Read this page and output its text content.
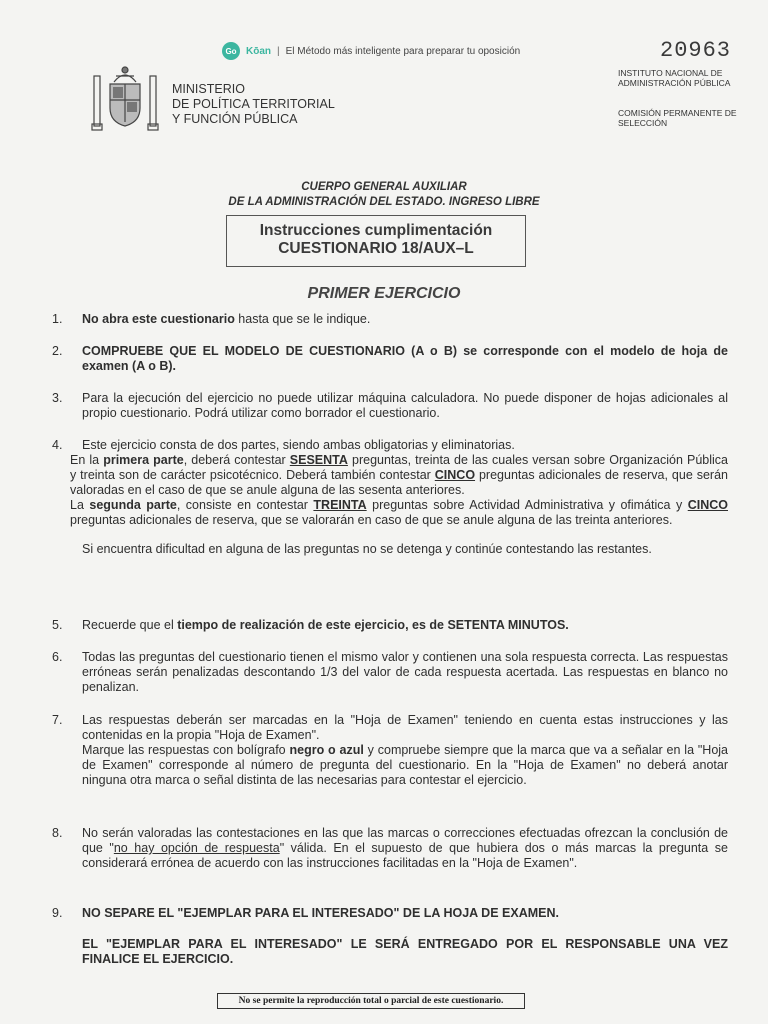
Go Kōan | El Método más inteligente para preparar tu oposición	20963
INSTITUTO NACIONAL DE ADMINISTRACIÓN PÚBLICA
COMISIÓN PERMANENTE DE SELECCIÓN
MINISTERIO
DE POLÍTICA TERRITORIAL
Y FUNCIÓN PÚBLICA
CUERPO GENERAL AUXILIAR
DE LA ADMINISTRACIÓN DEL ESTADO. INGRESO LIBRE
Instrucciones cumplimentación
CUESTIONARIO 18/AUX–L
PRIMER EJERCICIO
1.	No abra este cuestionario hasta que se le indique.
2.	COMPRUEBE QUE EL MODELO DE CUESTIONARIO (A o B) se corresponde con el modelo de hoja de examen (A o B).
3.	Para la ejecución del ejercicio no puede utilizar máquina calculadora. No puede disponer de hojas adicionales al propio cuestionario. Podrá utilizar como borrador el cuestionario.
4.	Este ejercicio consta de dos partes, siendo ambas obligatorias y eliminatorias.

En la primera parte, deberá contestar SESENTA preguntas, treinta de las cuales versan sobre Organización Pública y treinta son de carácter psicotécnico. Deberá también contestar CINCO preguntas adicionales de reserva, que serán valoradas en el caso de que se anule alguna de las sesenta anteriores.

La segunda parte, consiste en contestar TREINTA preguntas sobre Actividad Administrativa y ofimática y CINCO preguntas adicionales de reserva, que se valorarán en caso de que se anule alguna de las treinta anteriores.

Si encuentra dificultad en alguna de las preguntas no se detenga y continúe contestando las restantes.

5.	Recuerde que el tiempo de realización de este ejercicio, es de SETENTA MINUTOS.
6.	Todas las preguntas del cuestionario tienen el mismo valor y contienen una sola respuesta correcta. Las respuestas erróneas serán penalizadas descontando 1/3 del valor de cada respuesta acertada. Las respuestas en blanco no penalizan.
7.	Las respuestas deberán ser marcadas en la "Hoja de Examen" teniendo en cuenta estas instrucciones y las contenidas en la propia "Hoja de Examen".

Marque las respuestas con bolígrafo negro o azul y compruebe siempre que la marca que va a señalar en la "Hoja de Examen" corresponde al número de pregunta del cuestionario. En la "Hoja de Examen" no deberá anotar ninguna otra marca o señal distinta de las necesarias para contestar el ejercicio.

8.	No serán valoradas las contestaciones en las que las marcas o correcciones efectuadas ofrezcan la conclusión de que "no hay opción de respuesta" válida. En el supuesto de que hubiera dos o más marcas la pregunta se considerará errónea de acuerdo con las instrucciones facilitadas en la "Hoja de Examen".
9.	NO SEPARE EL "EJEMPLAR PARA EL INTERESADO" DE LA HOJA DE EXAMEN.

EL "EJEMPLAR PARA EL INTERESADO" LE SERÁ ENTREGADO POR EL RESPONSABLE UNA VEZ FINALICE EL EJERCICIO.

No se permite la reproducción total o parcial de este cuestionario.
